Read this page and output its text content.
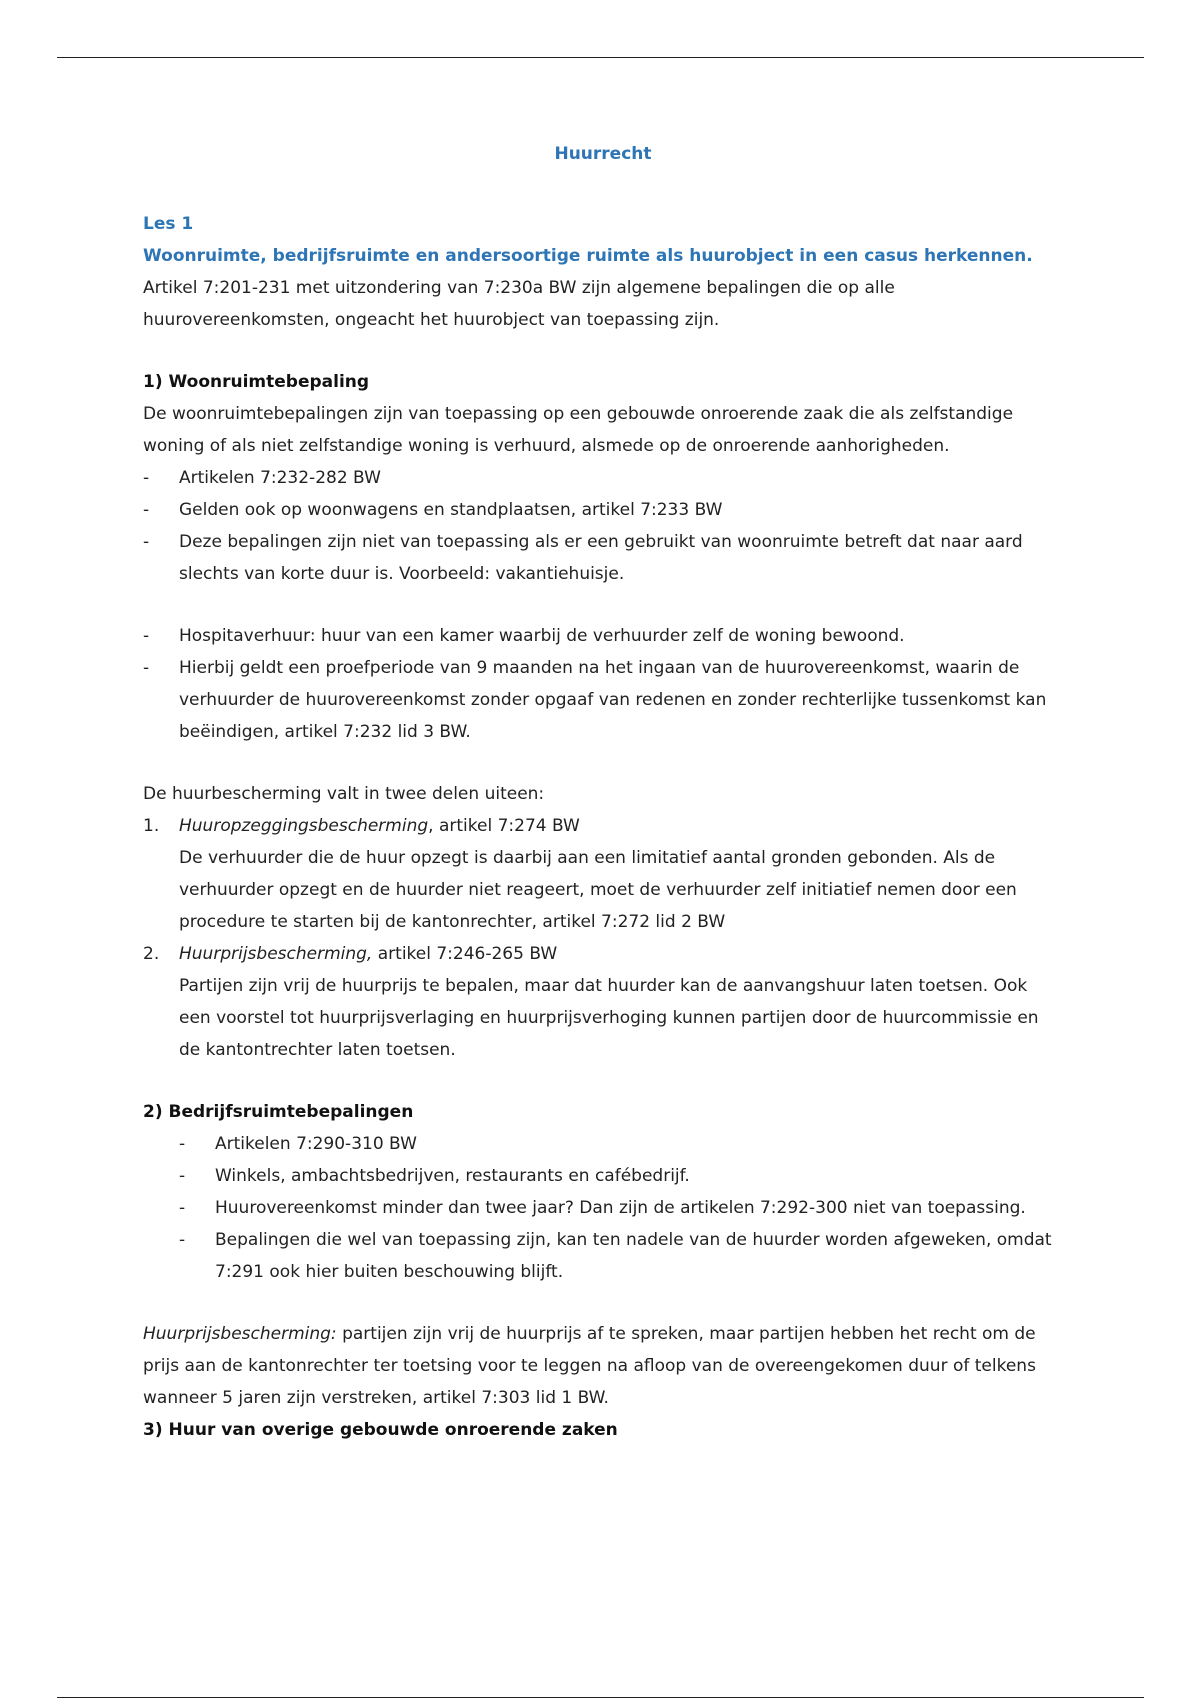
Huurrecht

Les 1

Woonruimte, bedrijfsruimte en andersoortige ruimte als huurobject in een casus herkennen.

Artikel 7:201-231 met uitzondering van 7:230a BW zijn algemene bepalingen die op alle huurovereenkomsten, ongeacht het huurobject van toepassing zijn.

1) Woonruimtebepaling

De woonruimtebepalingen zijn van toepassing op een gebouwde onroerende zaak die als zelfstandige woning of als niet zelfstandige woning is verhuurd, alsmede op de onroerende aanhorigheden.

- Artikelen 7:232-282 BW
- Gelden ook op woonwagens en standplaatsen, artikel 7:233 BW
- Deze bepalingen zijn niet van toepassing als er een gebruikt van woonruimte betreft dat naar aard slechts van korte duur is. Voorbeeld: vakantiehuisje.
- Hospitaverhuur: huur van een kamer waarbij de verhuurder zelf de woning bewoond.
- Hierbij geldt een proefperiode van 9 maanden na het ingaan van de huurovereenkomst, waarin de verhuurder de huurovereenkomst zonder opgaaf van redenen en zonder rechterlijke tussenkomst kan beëindigen, artikel 7:232 lid 3 BW.

De huurbescherming valt in twee delen uiteen:

1. Huuropzeggingsbescherming, artikel 7:274 BW
De verhuurder die de huur opzegt is daarbij aan een limitatief aantal gronden gebonden. Als de verhuurder opzegt en de huurder niet reageert, moet de verhuurder zelf initiatief nemen door een procedure te starten bij de kantonrechter, artikel 7:272 lid 2 BW
2. Huurprijsbescherming, artikel 7:246-265 BW
Partijen zijn vrij de huurprijs te bepalen, maar dat huurder kan de aanvangshuur laten toetsen. Ook een voorstel tot huurprijsverlaging en huurprijsverhoging kunnen partijen door de huurcommissie en de kantontrechter laten toetsen.

2) Bedrijfsruimtebepalingen

- Artikelen 7:290-310 BW
- Winkels, ambachtsbedrijven, restaurants en cafébedrijf.
- Huurovereenkomst minder dan twee jaar? Dan zijn de artikelen 7:292-300 niet van toepassing.
- Bepalingen die wel van toepassing zijn, kan ten nadele van de huurder worden afgeweken, omdat 7:291 ook hier buiten beschouwing blijft.

Huurprijsbescherming: partijen zijn vrij de huurprijs af te spreken, maar partijen hebben het recht om de prijs aan de kantonrechter ter toetsing voor te leggen na afloop van de overeengekomen duur of telkens wanneer 5 jaren zijn verstreken, artikel 7:303 lid 1 BW.

3) Huur van overige gebouwde onroerende zaken
